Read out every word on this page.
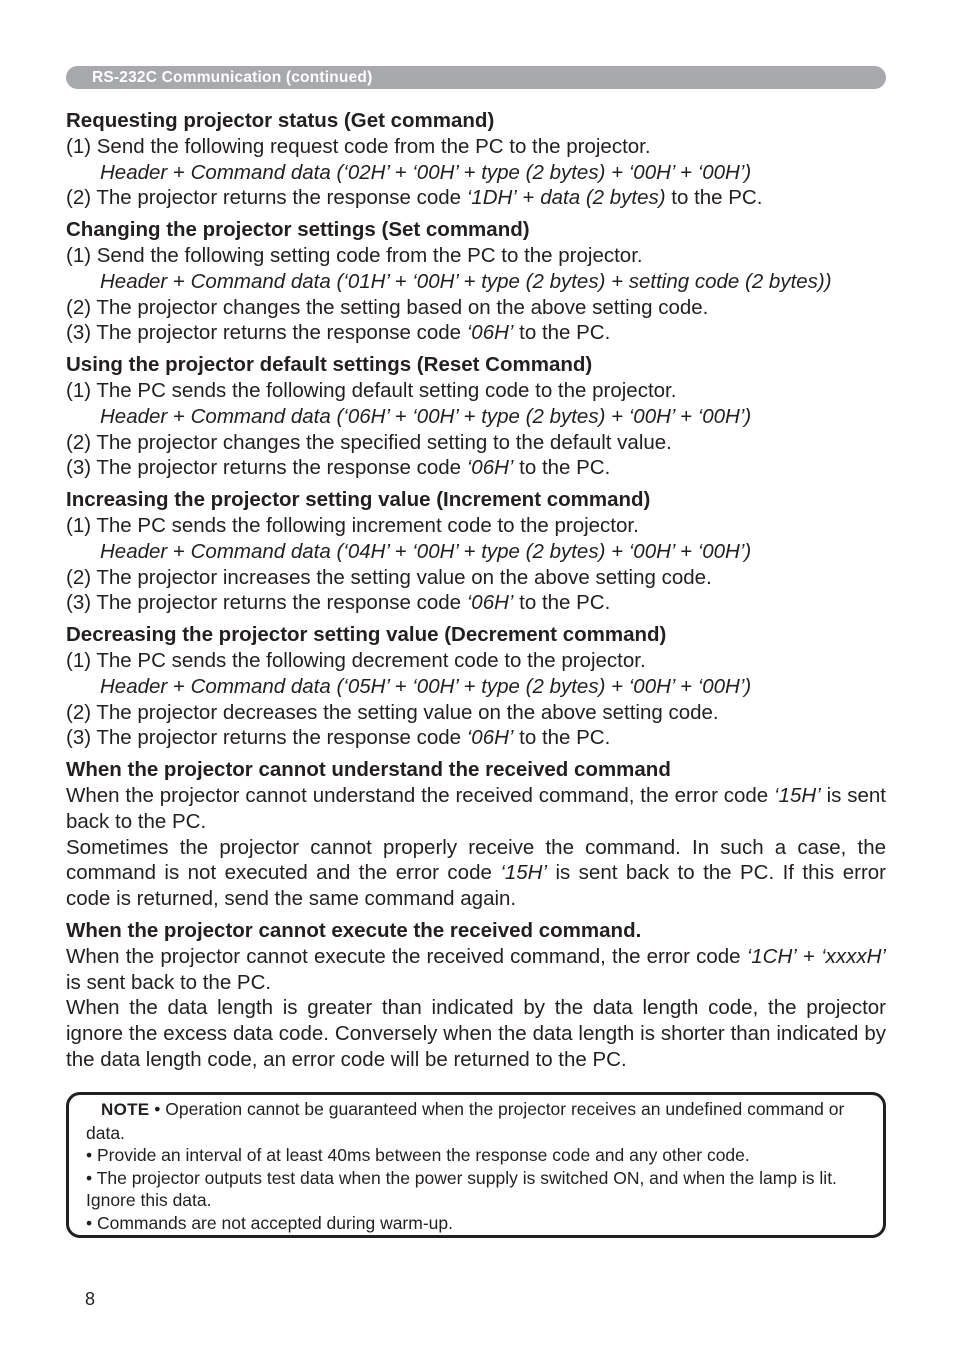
RS-232C Communication (continued)
Requesting projector status (Get command)
(1) Send the following request code from the PC to the projector.
Header + Command data (‘02H’ + ‘00H’ + type (2 bytes) + ‘00H’ + ‘00H’)
(2) The projector returns the response code ‘1DH’ + data (2 bytes) to the PC.
Changing the projector settings (Set command)
(1) Send the following setting code from the PC to the projector.
Header + Command data (‘01H’ + ‘00H’ + type (2 bytes) + setting code (2 bytes))
(2) The projector changes the setting based on the above setting code.
(3) The projector returns the response code ‘06H’ to the PC.
Using the projector default settings (Reset Command)
(1) The PC sends the following default setting code to the projector.
Header + Command data (‘06H’ + ‘00H’ + type (2 bytes) + ‘00H’ + ‘00H’)
(2) The projector changes the specified setting to the default value.
(3) The projector returns the response code ‘06H’ to the PC.
Increasing the projector setting value (Increment command)
(1) The PC sends the following increment code to the projector.
Header + Command data (‘04H’ + ‘00H’ + type (2 bytes) + ‘00H’ + ‘00H’)
(2) The projector increases the setting value on the above setting code.
(3) The projector returns the response code ‘06H’ to the PC.
Decreasing the projector setting value (Decrement command)
(1) The PC sends the following decrement code to the projector.
Header + Command data (‘05H’ + ‘00H’ + type (2 bytes) + ‘00H’ + ‘00H’)
(2) The projector decreases the setting value on the above setting code.
(3) The projector returns the response code ‘06H’ to the PC.
When the projector cannot understand the received command
When the projector cannot understand the received command, the error code ‘15H’ is sent back to the PC.
Sometimes the projector cannot properly receive the command. In such a case, the command is not executed and the error code ‘15H’ is sent back to the PC. If this error code is returned, send the same command again.
When the projector cannot execute the received command.
When the projector cannot execute the received command, the error code ‘1CH’ + ‘xxxxH’ is sent back to the PC.
When the data length is greater than indicated by the data length code, the projector ignore the excess data code. Conversely when the data length is shorter than indicated by the data length code, an error code will be returned to the PC.
NOTE • Operation cannot be guaranteed when the projector receives an undefined command or data.
• Provide an interval of at least 40ms between the response code and any other code.
• The projector outputs test data when the power supply is switched ON, and when the lamp is lit. Ignore this data.
• Commands are not accepted during warm-up.
8
